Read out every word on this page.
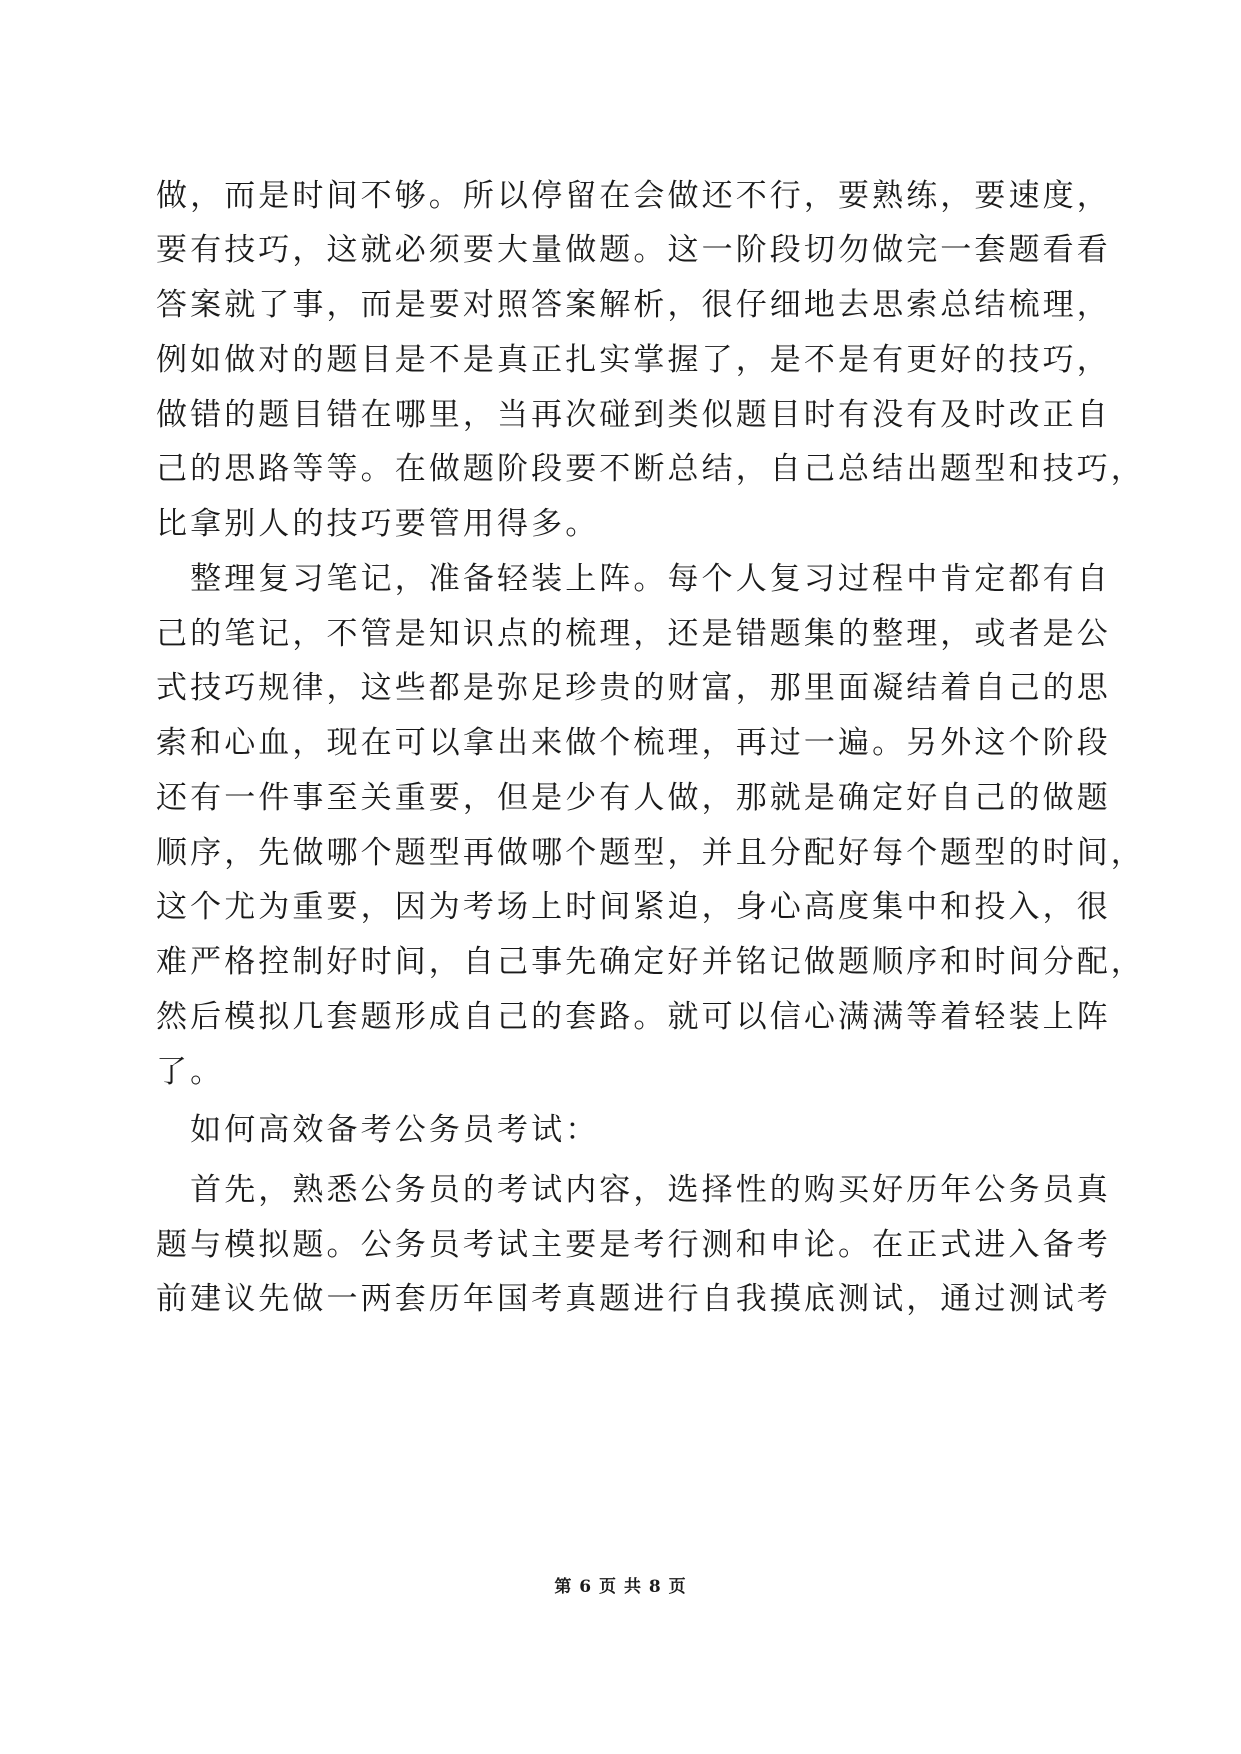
做，而是时间不够。所以停留在会做还不行，要熟练，要速度，
要有技巧，这就必须要大量做题。这一阶段切勿做完一套题看看
答案就了事，而是要对照答案解析，很仔细地去思索总结梳理，
例如做对的题目是不是真正扎实掌握了，是不是有更好的技巧，
做错的题目错在哪里，当再次碰到类似题目时有没有及时改正自
己的思路等等。在做题阶段要不断总结，自己总结出题型和技巧，
比拿别人的技巧要管用得多。
　整理复习笔记，准备轻装上阵。每个人复习过程中肯定都有自
己的笔记，不管是知识点的梳理，还是错题集的整理，或者是公
式技巧规律，这些都是弥足珍贵的财富，那里面凝结着自己的思
索和心血，现在可以拿出来做个梳理，再过一遍。另外这个阶段
还有一件事至关重要，但是少有人做，那就是确定好自己的做题
顺序，先做哪个题型再做哪个题型，并且分配好每个题型的时间，
这个尤为重要，因为考场上时间紧迫，身心高度集中和投入，很
难严格控制好时间，自己事先确定好并铭记做题顺序和时间分配，
然后模拟几套题形成自己的套路。就可以信心满满等着轻装上阵
了。
　如何高效备考公务员考试：
　首先，熟悉公务员的考试内容，选择性的购买好历年公务员真
题与模拟题。公务员考试主要是考行测和申论。在正式进入备考
前建议先做一两套历年国考真题进行自我摸底测试，通过测试考
第 6 页 共 8 页
